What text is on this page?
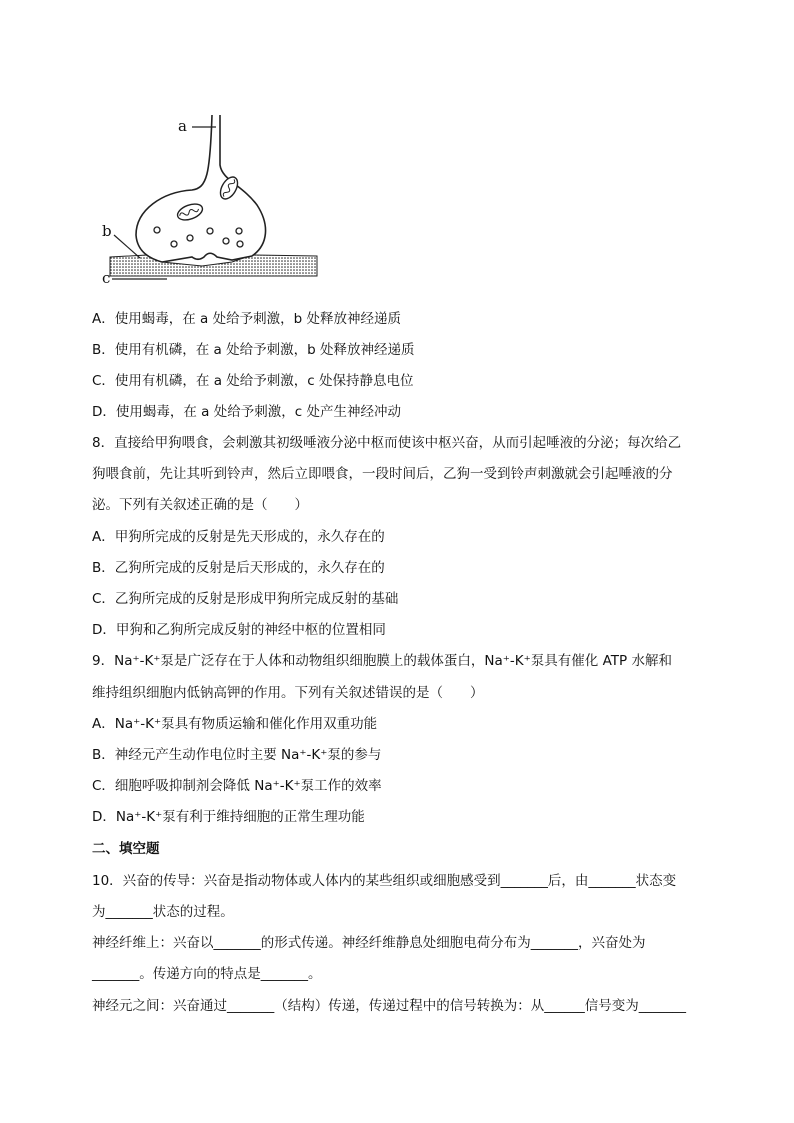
a
b
c
A．使用蝎毒，在 a 处给予刺激，b 处释放神经递质
B．使用有机磷，在 a 处给予刺激，b 处释放神经递质
C．使用有机磷，在 a 处给予刺激，c 处保持静息电位
D．使用蝎毒，在 a 处给予刺激，c 处产生神经冲动
8．直接给甲狗喂食，会刺激其初级唾液分泌中枢而使该中枢兴奋，从而引起唾液的分泌；每次给乙
狗喂食前，先让其听到铃声，然后立即喂食，一段时间后，乙狗一受到铃声刺激就会引起唾液的分
泌。下列有关叙述正确的是（　　）
A．甲狗所完成的反射是先天形成的，永久存在的
B．乙狗所完成的反射是后天形成的，永久存在的
C．乙狗所完成的反射是形成甲狗所完成反射的基础
D．甲狗和乙狗所完成反射的神经中枢的位置相同
9．Na⁺-K⁺泵是广泛存在于人体和动物组织细胞膜上的载体蛋白，Na⁺-K⁺泵具有催化 ATP 水解和
维持组织细胞内低钠高钾的作用。下列有关叙述错误的是（　　）
A．Na⁺-K⁺泵具有物质运输和催化作用双重功能
B．神经元产生动作电位时主要 Na⁺-K⁺泵的参与
C．细胞呼吸抑制剂会降低 Na⁺-K⁺泵工作的效率
D．Na⁺-K⁺泵有利于维持细胞的正常生理功能
二、填空题
10．兴奋的传导：兴奋是指动物体或人体内的某些组织或细胞感受到_______后，由_______状态变
为_______状态的过程。
神经纤维上：兴奋以_______的形式传递。神经纤维静息处细胞电荷分布为_______，兴奋处为
_______。传递方向的特点是_______。
神经元之间：兴奋通过_______（结构）传递，传递过程中的信号转换为：从______信号变为_______
